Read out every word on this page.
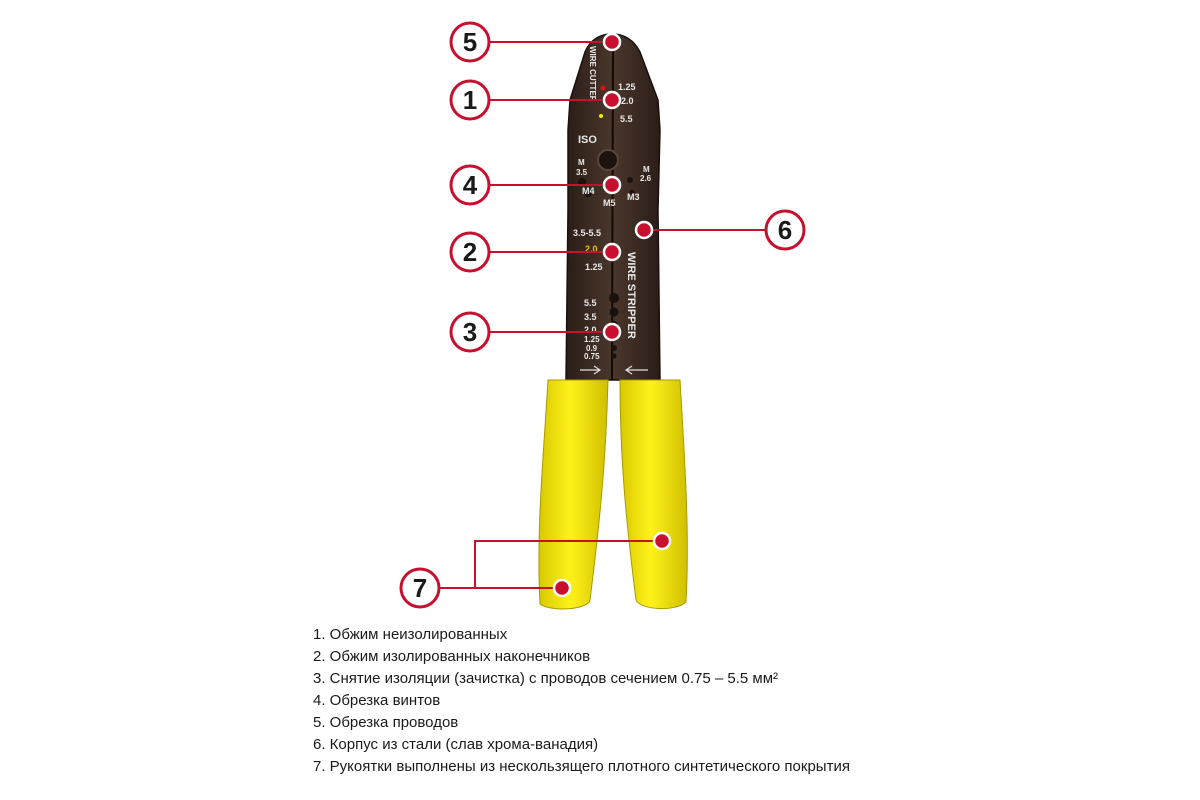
WIRE CUTTER
WIRE STRIPPER
ISO
1.25
2.0
5.5
M
3.5
M4
M5
M3
M
2.6
3.5-5.5
2.0
1.25
5.5
3.5
2.0
1.25
0.9
0.75
5
1
4
6
2
3
7
1. Обжим неизолированных
2. Обжим изолированных наконечников
3. Снятие изоляции (зачистка) с проводов сечением 0.75 – 5.5 мм²
4. Обрезка винтов
5. Обрезка проводов
6. Корпус из стали (слав хрома-ванадия)
7. Рукоятки выполнены из нескользящего плотного синтетического покрытия
